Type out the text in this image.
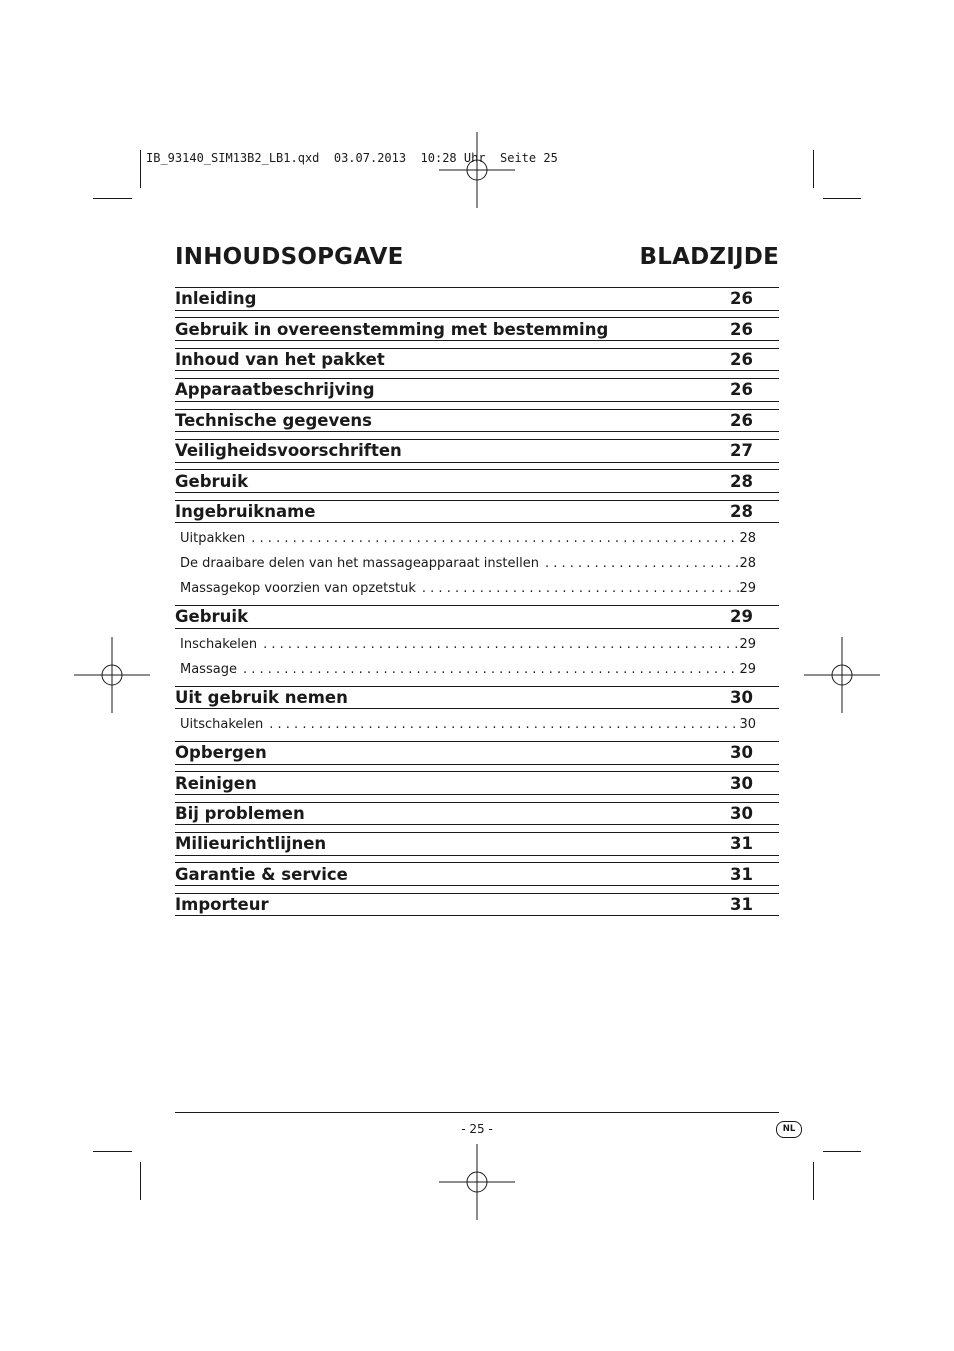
IB_93140_SIM13B2_LB1.qxd  03.07.2013  10:28 Uhr  Seite 25
INHOUDSOPGAVE	BLADZIJDE
Inleiding	26
Gebruik in overeenstemming met bestemming	26
Inhoud van het pakket	26
Apparaatbeschrijving	26
Technische gegevens	26
Veiligheidsvoorschriften	27
Gebruik	28
Ingebruikname	28
Uitpakken . . .	28
De draaibare delen van het massageapparaat instellen . . .	28
Massagekop voorzien van opzetstuk . . .	29
Gebruik	29
Inschakelen . . .	29
Massage . . .	29
Uit gebruik nemen	30
Uitschakelen . . .	30
Opbergen	30
Reinigen	30
Bij problemen	30
Milieurichtlijnen	31
Garantie & service	31
Importeur	31
- 25 -	NL
